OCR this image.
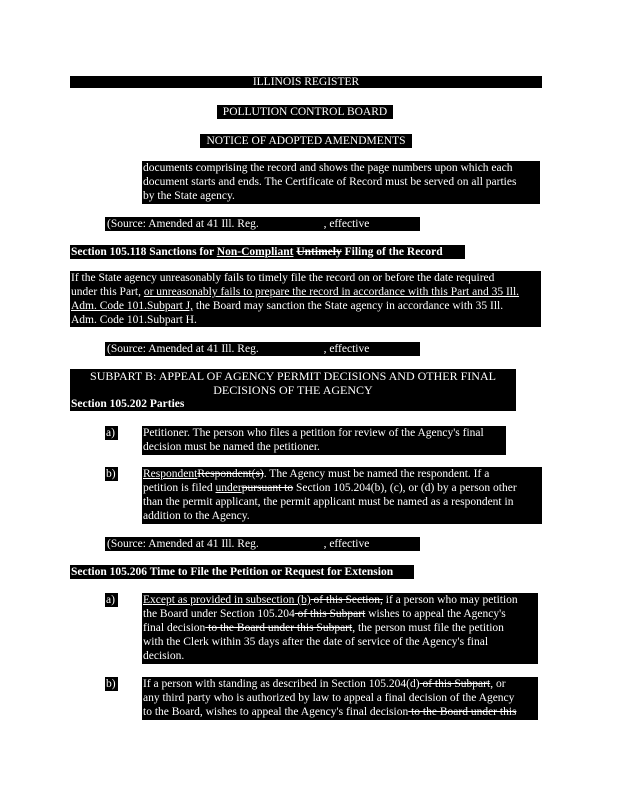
ILLINOIS REGISTER
POLLUTION CONTROL BOARD
NOTICE OF ADOPTED AMENDMENTS
documents comprising the record and shows the page numbers upon which each
document starts and ends. The Certificate of Record must be served on all parties
by the State agency.
(Source: Amended at 41 Ill. Reg.	, effective	)
Section 105.118 Sanctions for Non-Compliant Untimely Filing of the Record
If the State agency unreasonably fails to timely file the record on or before the date required
under this Part, or unreasonably fails to prepare the record in accordance with this Part and 35 Ill.
Adm. Code 101.Subpart J, the Board may sanction the State agency in accordance with 35 Ill.
Adm. Code 101.Subpart H.
(Source: Amended at 41 Ill. Reg.	, effective	)
SUBPART B: APPEAL OF AGENCY PERMIT DECISIONS AND OTHER FINAL
DECISIONS OF THE AGENCY
Section 105.202 Parties
a) Petitioner. The person who files a petition for review of the Agency's final
decision must be named the petitioner.
b) RespondentRespondent(s). The Agency must be named the respondent. If a
petition is filed underpursuant to Section 105.204(b), (c), or (d) by a person other
than the permit applicant, the permit applicant must be named as a respondent in
addition to the Agency.
(Source: Amended at 41 Ill. Reg.	, effective	)
Section 105.206 Time to File the Petition or Request for Extension
a) Except as provided in subsection (b) of this Section, if a person who may petition
the Board under Section 105.204 of this Subpart wishes to appeal the Agency's
final decision to the Board under this Subpart, the person must file the petition
with the Clerk within 35 days after the date of service of the Agency's final
decision.
b) If a person with standing as described in Section 105.204(d) of this Subpart, or
any third party who is authorized by law to appeal a final decision of the Agency
to the Board, wishes to appeal the Agency's final decision to the Board under this
